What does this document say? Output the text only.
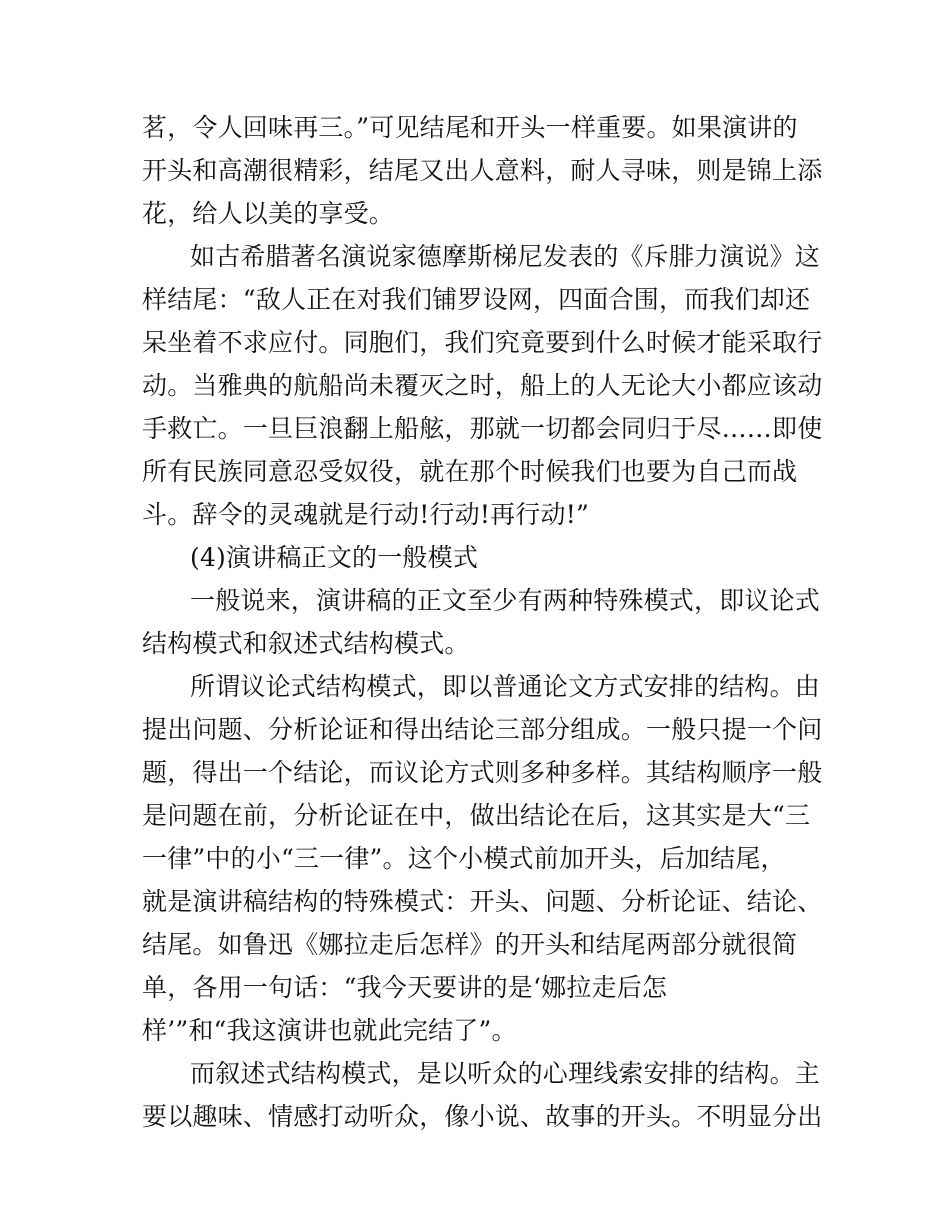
茗，令人回味再三。”可见结尾和开头一样重要。如果演讲的
开头和高潮很精彩，结尾又出人意料，耐人寻味，则是锦上添
花，给人以美的享受。
如古希腊著名演说家德摩斯梯尼发表的《斥腓力演说》这
样结尾：“敌人正在对我们铺罗设网，四面合围，而我们却还
呆坐着不求应付。同胞们，我们究竟要到什么时候才能采取行
动。当雅典的航船尚未覆灭之时，船上的人无论大小都应该动
手救亡。一旦巨浪翻上船舷，那就一切都会同归于尽……即使
所有民族同意忍受奴役，就在那个时候我们也要为自己而战
斗。辞令的灵魂就是行动!行动!再行动!”
(4)演讲稿正文的一般模式
一般说来，演讲稿的正文至少有两种特殊模式，即议论式
结构模式和叙述式结构模式。
所谓议论式结构模式，即以普通论文方式安排的结构。由
提出问题、分析论证和得出结论三部分组成。一般只提一个问
题，得出一个结论，而议论方式则多种多样。其结构顺序一般
是问题在前，分析论证在中，做出结论在后，这其实是大“三
一律”中的小“三一律”。这个小模式前加开头，后加结尾，
就是演讲稿结构的特殊模式：开头、问题、分析论证、结论、
结尾。如鲁迅《娜拉走后怎样》的开头和结尾两部分就很简
单，各用一句话：“我今天要讲的是‘娜拉走后怎
样’”和“我这演讲也就此完结了”。
而叙述式结构模式，是以听众的心理线索安排的结构。主
要以趣味、情感打动听众，像小说、故事的开头。不明显分出
